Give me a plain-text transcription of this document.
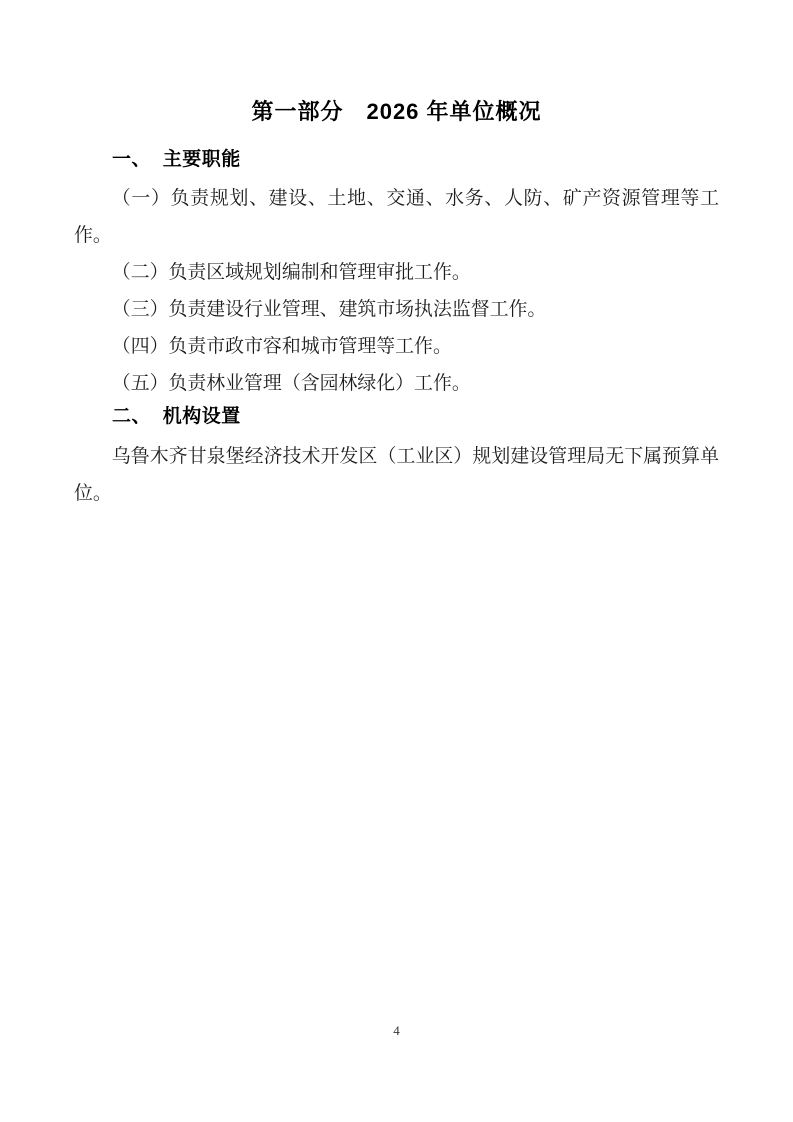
第一部分　2026 年单位概况
一、 主要职能

（一）负责规划、建设、土地、交通、水务、人防、矿产资源管理等工作。

（二）负责区域规划编制和管理审批工作。

（三）负责建设行业管理、建筑市场执法监督工作。

（四）负责市政市容和城市管理等工作。

（五）负责林业管理（含园林绿化）工作。

二、 机构设置

乌鲁木齐甘泉堡经济技术开发区（工业区）规划建设管理局无下属预算单位。

4
